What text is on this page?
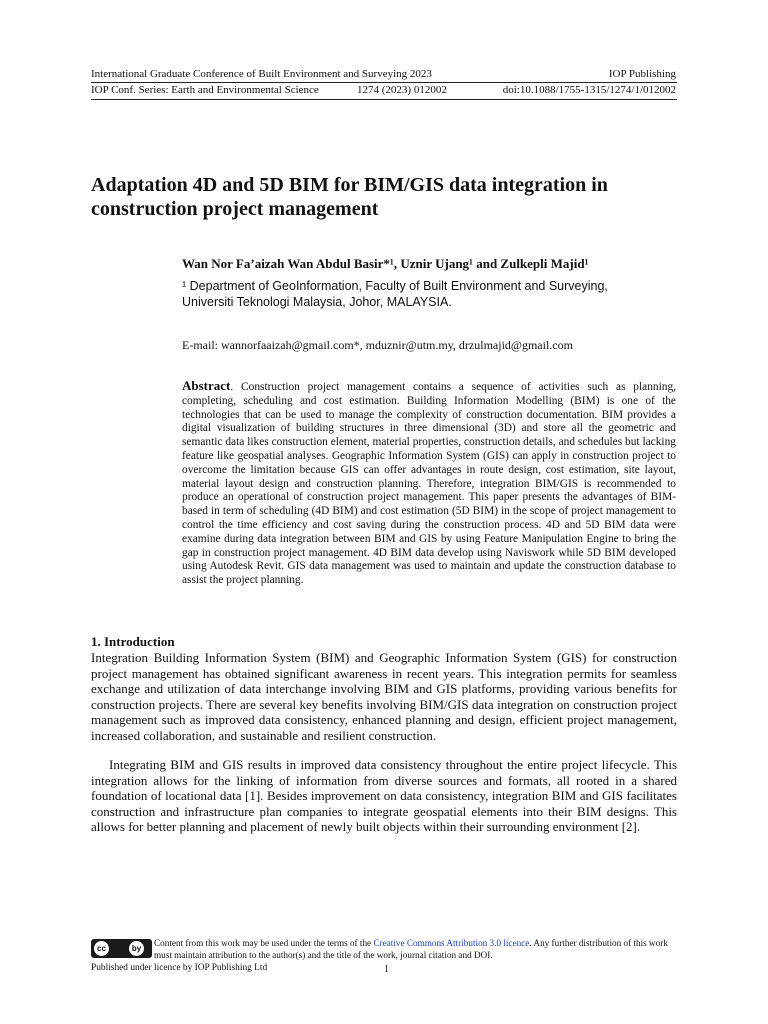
International Graduate Conference of Built Environment and Surveying 2023	IOP Publishing
IOP Conf. Series: Earth and Environmental Science	1274 (2023) 012002	doi:10.1088/1755-1315/1274/1/012002
Adaptation 4D and 5D BIM for BIM/GIS data integration in construction project management
Wan Nor Fa’aizah Wan Abdul Basir*¹, Uznir Ujang¹ and Zulkepli Majid¹
¹ Department of GeoInformation, Faculty of Built Environment and Surveying,
Universiti Teknologi Malaysia, Johor, MALAYSIA.
E-mail: wannorfaaizah@gmail.com*, mduznir@utm.my, drzulmajid@gmail.com
Abstract. Construction project management contains a sequence of activities such as planning, completing, scheduling and cost estimation. Building Information Modelling (BIM) is one of the technologies that can be used to manage the complexity of construction documentation. BIM provides a digital visualization of building structures in three dimensional (3D) and store all the geometric and semantic data likes construction element, material properties, construction details, and schedules but lacking feature like geospatial analyses. Geographic Information System (GIS) can apply in construction project to overcome the limitation because GIS can offer advantages in route design, cost estimation, site layout, material layout design and construction planning. Therefore, integration BIM/GIS is recommended to produce an operational of construction project management. This paper presents the advantages of BIM-based in term of scheduling (4D BIM) and cost estimation (5D BIM) in the scope of project management to control the time efficiency and cost saving during the construction process. 4D and 5D BIM data were examine during data integration between BIM and GIS by using Feature Manipulation Engine to bring the gap in construction project management. 4D BIM data develop using Naviswork while 5D BIM developed using Autodesk Revit. GIS data management was used to maintain and update the construction database to assist the project planning.
1. Introduction

Integration Building Information System (BIM) and Geographic Information System (GIS) for construction project management has obtained significant awareness in recent years. This integration permits for seamless exchange and utilization of data interchange involving BIM and GIS platforms, providing various benefits for construction projects. There are several key benefits involving BIM/GIS data integration on construction project management such as improved data consistency, enhanced planning and design, efficient project management, increased collaboration, and sustainable and resilient construction.

Integrating BIM and GIS results in improved data consistency throughout the entire project lifecycle. This integration allows for the linking of information from diverse sources and formats, all rooted in a shared foundation of locational data [1]. Besides improvement on data consistency, integration BIM and GIS facilitates construction and infrastructure plan companies to integrate geospatial elements into their BIM designs. This allows for better planning and placement of newly built objects within their surrounding environment [2].

cc	by
Content from this work may be used under the terms of the Creative Commons Attribution 3.0 licence. Any further distribution of this work must maintain attribution to the author(s) and the title of the work, journal citation and DOI.
Published under licence by IOP Publishing Ltd	1
